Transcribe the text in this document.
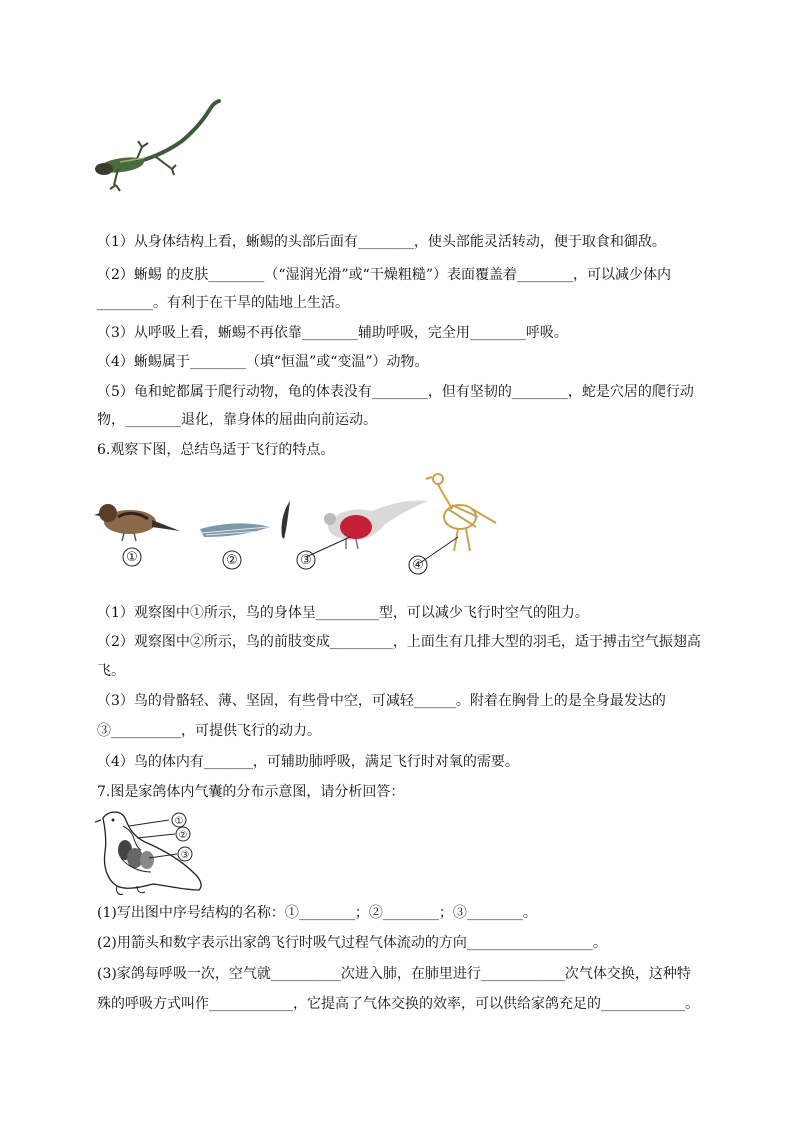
（1）从身体结构上看，蜥蜴的头部后面有________，使头部能灵活转动，便于取食和御敌。
（2）蜥蜴 的皮肤________（“湿润光滑”或“干燥粗糙”）表面覆盖着________，可以减少体内
________。有利于在干旱的陆地上生活。
（3）从呼吸上看，蜥蜴不再依靠________辅助呼吸，完全用________呼吸。
（4）蜥蜴属于________（填“恒温”或“变温”）动物。
（5）龟和蛇都属于爬行动物，龟的体表没有________，但有坚韧的________，蛇是穴居的爬行动
物，________退化，靠身体的屈曲向前运动。
6.观察下图，总结鸟适于飞行的特点。
①	②	③	④
（1）观察图中①所示，鸟的身体呈_________型，可以减少飞行时空气的阻力。
（2）观察图中②所示，鸟的前肢变成_________，上面生有几排大型的羽毛，适于搏击空气振翅高
飞。
（3）鸟的骨骼轻、薄、坚固，有些骨中空，可减轻______。附着在胸骨上的是全身最发达的
③__________，可提供飞行的动力。
（4）鸟的体内有_______，可辅助肺呼吸，满足飞行时对氧的需要。
7.图是家鸽体内气囊的分布示意图，请分析回答：
①
②
③
(1)写出图中序号结构的名称：①________；②________；③________。
(2)用箭头和数字表示出家鸽飞行时吸气过程气体流动的方向__________________。
(3)家鸽每呼吸一次，空气就__________次进入肺，在肺里进行____________次气体交换，这种特
殊的呼吸方式叫作____________，它提高了气体交换的效率，可以供给家鸽充足的____________。
